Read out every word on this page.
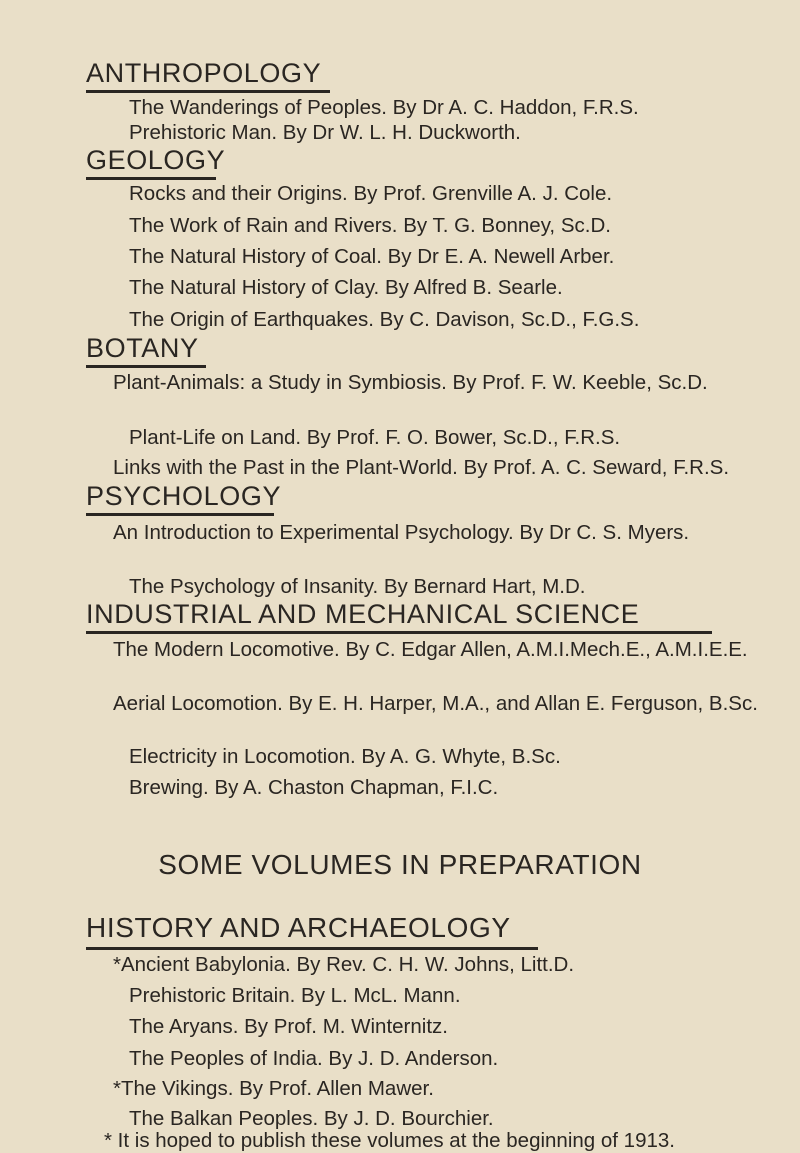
ANTHROPOLOGY

The Wanderings of Peoples. By Dr A. C. Haddon, F.R.S.

Prehistoric Man. By Dr W. L. H. Duckworth.

GEOLOGY

Rocks and their Origins. By Prof. Grenville A. J. Cole.

The Work of Rain and Rivers. By T. G. Bonney, Sc.D.

The Natural History of Coal. By Dr E. A. Newell Arber.

The Natural History of Clay. By Alfred B. Searle.

The Origin of Earthquakes. By C. Davison, Sc.D., F.G.S.

BOTANY

Plant-Animals: a Study in Symbiosis. By Prof. F. W. Keeble, Sc.D.

Plant-Life on Land. By Prof. F. O. Bower, Sc.D., F.R.S.

Links with the Past in the Plant-World. By Prof. A. C. Seward, F.R.S.

PSYCHOLOGY

An Introduction to Experimental Psychology. By Dr C. S. Myers.

The Psychology of Insanity. By Bernard Hart, M.D.

INDUSTRIAL AND MECHANICAL SCIENCE

The Modern Locomotive. By C. Edgar Allen, A.M.I.Mech.E., A.M.I.E.E.

Aerial Locomotion. By E. H. Harper, M.A., and Allan E. Ferguson, B.Sc.

Electricity in Locomotion. By A. G. Whyte, B.Sc.

Brewing. By A. Chaston Chapman, F.I.C.

SOME VOLUMES IN PREPARATION
HISTORY AND ARCHAEOLOGY

*Ancient Babylonia. By Rev. C. H. W. Johns, Litt.D.

Prehistoric Britain. By L. McL. Mann.

The Aryans. By Prof. M. Winternitz.

The Peoples of India. By J. D. Anderson.

*The Vikings. By Prof. Allen Mawer.

The Balkan Peoples. By J. D. Bourchier.

* It is hoped to publish these volumes at the beginning of 1913.
